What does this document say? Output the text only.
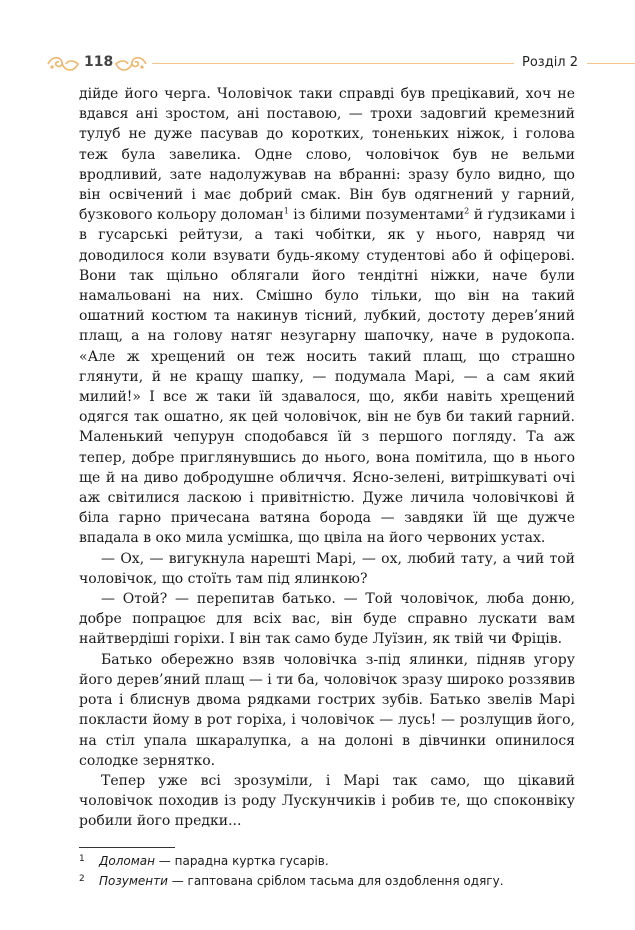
118	Розділ 2

дійде його черга. Чоловічок таки справді був прецікавий, хоч не вдався ані зростом, ані поставою, — трохи задовгий кремезний тулуб не дуже пасував до коротких, тоненьких ніжок, і голова теж була завелика. Одне слово, чоловічок був не вельми вродливий, зате надолужував на вбранні: зразу було видно, що він освічений і має добрий смак. Він був одягнений у гарний, бузкового кольору доломан$^1$ із білими позументами$^2$ й ґудзиками і в гусарські рейтузи, а такі чобітки, як у нього, навряд чи доводилося коли взувати будь-якому студентові або й офіцерові. Вони так щільно облягали його тендітні ніжки, наче були намальовані на них. Смішно було тільки, що він на такий ошатний костюм та накинув тісний, лубкий, достоту дерев’яний плащ, а на голову натяг незугарну шапочку, наче в рудокопа. «Але ж хрещений он теж носить такий плащ, що страшно глянути, й не кращу шапку, — подумала Марі, — а сам який милий!» І все ж таки їй здавалося, що, якби навіть хрещений одягся так ошатно, як цей чоловічок, він не був би такий гарний. Маленький чепурун сподобався їй з першого погляду. Та аж тепер, добре приглянувшись до нього, вона помітила, що в нього ще й на диво добродушне обличчя. Ясно-зелені, витрішкуваті очі аж світилися ласкою і привітністю. Дуже личила чоловічкові й біла гарно причесана ватяна борода — завдяки їй ще дужче впадала в око мила усмішка, що цвіла на його червоних устах.

— Ох, — вигукнула нарешті Марі, — ох, любий тату, а чий той чоловічок, що стоїть там під ялинкою?

— Отой? — перепитав батько. — Той чоловічок, люба доню, добре попрацює для всіх вас, він буде справно лускати вам найтвердіші горіхи. І він так само буде Луїзин, як твій чи Фріців.

Батько обережно взяв чоловічка з-під ялинки, підняв угору його дерев’яний плащ — і ти ба, чоловічок зразу широко роззявив рота і блиснув двома рядками гострих зубів. Батько звелів Марі покласти йому в рот горіха, і чоловічок — лусь! — розлущив його, на стіл упала шкаралупка, а на долоні в дівчинки опинилося солодке зернятко.

Тепер уже всі зрозуміли, і Марі так само, що цікавий чоловічок походив із роду Лускунчиків і робив те, що споконвіку робили його предки...

1	Доломан — парадна куртка гусарів.
2	Позументи — гаптована сріблом тасьма для оздоблення одягу.
